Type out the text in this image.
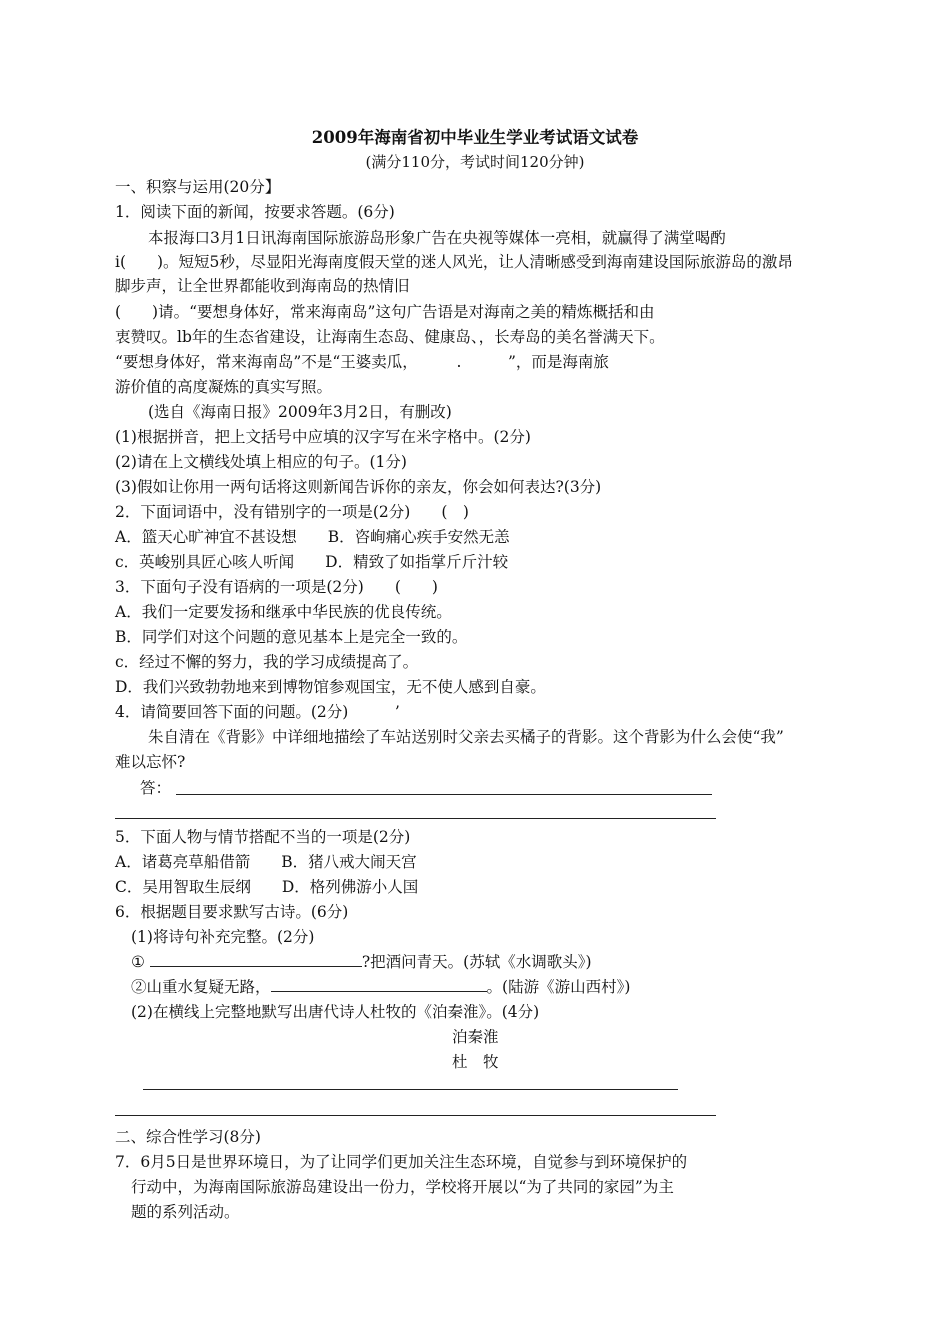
2009年海南省初中毕业生学业考试语文试卷
(满分110分，考试时间120分钟)
一、积察与运用(20分】
1．阅读下面的新闻，按要求答题。(6分)
本报海口3月1日讯海南国际旅游岛形象广告在央视等媒体一亮相，就赢得了满堂喝酌
i(　　)。短短5秒，尽显阳光海南度假天堂的迷人风光，让人清晰感受到海南建设国际旅游岛的激昂
脚步声，让全世界都能收到海南岛的热情旧
(　　)请。“要想身体好，常来海南岛”这句广告语是对海南之美的精炼概括和由
衷赞叹。lb年的生态省建设，让海南生态岛、健康岛、，长寿岛的美名誉满天下。
“要想身体好，常来海南岛”不是“王婆卖瓜，　　　.　　　”，而是海南旅
游价值的高度凝炼的真实写照。
(选自《海南日报》2009年3月2日，有删改)
(1)根据拼音，把上文括号中应填的汉字写在米字格中。(2分)
(2)请在上文横线处填上相应的句子。(1分)
(3)假如让你用一两句话将这则新闻告诉你的亲友，你会如何表达?(3分)
2．下面词语中，没有错别字的一项是(2分)　　(　)
A．篮天心旷神宜不甚设想　　B．咨峋痛心疾手安然无恙
c．英峻别具匠心咳人听闻　　D．精致了如指掌斤斤汁较
3．下面句子没有语病的一项是(2分)　　(　　)
A．我们一定要发扬和继承中华民族的优良传统。
B．同学们对这个问题的意见基本上是完全一致的。
c．经过不懈的努力，我的学习成绩提高了。
D．我们兴致勃勃地来到博物馆参观国宝，无不使人感到自豪。
4．请简要回答下面的问题。(2分)　　　’
朱自清在《背影》中详细地描绘了车站送别时父亲去买橘子的背影。这个背影为什么会使“我”
难以忘怀?
答：
5．下面人物与情节搭配不当的一项是(2分)
A．诸葛亮草船借箭　　B．猪八戒大闹天宫
C．吴用智取生辰纲　　D．格列佛游小人国
6．根据题目要求默写古诗。(6分)
(1)将诗句补充完整。(2分)
①	?把酒问青天。(苏轼《水调歌头》)
②山重水复疑无路，	。(陆游《游山西村》)
(2)在横线上完整地默写出唐代诗人杜牧的《泊秦淮》。(4分)
泊秦淮
杜　牧
二、综合性学习(8分)
7．6月5日是世界环境日，为了让同学们更加关注生态环境，自觉参与到环境保护的
行动中，为海南国际旅游岛建设出一份力，学校将开展以“为了共同的家园”为主
题的系列活动。
